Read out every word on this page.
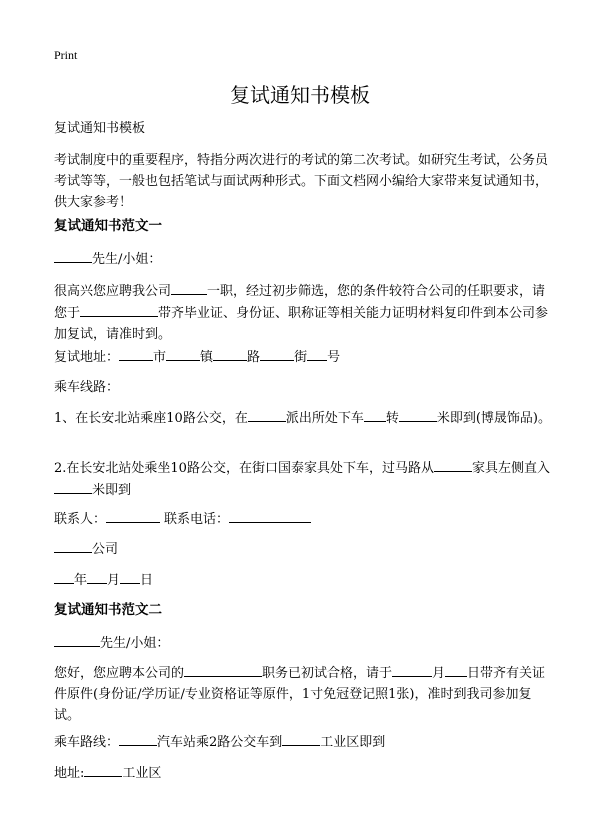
Print
复试通知书模板

复试通知书模板

考试制度中的重要程序，特指分两次进行的考试的第二次考试。如研究生考试，公务员考试等等，一般也包括笔试与面试两种形式。下面文档网小编给大家带来复试通知书，供大家参考！

复试通知书范文一

先生/小姐：

很高兴您应聘我公司	一职，经过初步筛选，您的条件较符合公司的任职要求，请您于	带齐毕业证、身份证、职称证等相关能力证明材料复印件到本公司参加复试，请准时到。

复试地址：	市	镇	路	街 号

乘车线路：

1、在长安北站乘座10路公交，在	派出所处下车 转	米即到(博晟饰品)。

2.在长安北站处乘坐10路公交，在街口国泰家具处下车，过马路从	家具左侧直入米即到

联系人：	联系电话：

公司

年 月 日

复试通知书范文二

先生/小姐：

您好，您应聘本公司的	职务已初试合格，请于	月 日带齐有关证件原件(身份证/学历证/专业资格证等原件，1寸免冠登记照1张)，准时到我司参加复试。

乘车路线：	汽车站乘2路公交车到	工业区即到

地址:	工业区
